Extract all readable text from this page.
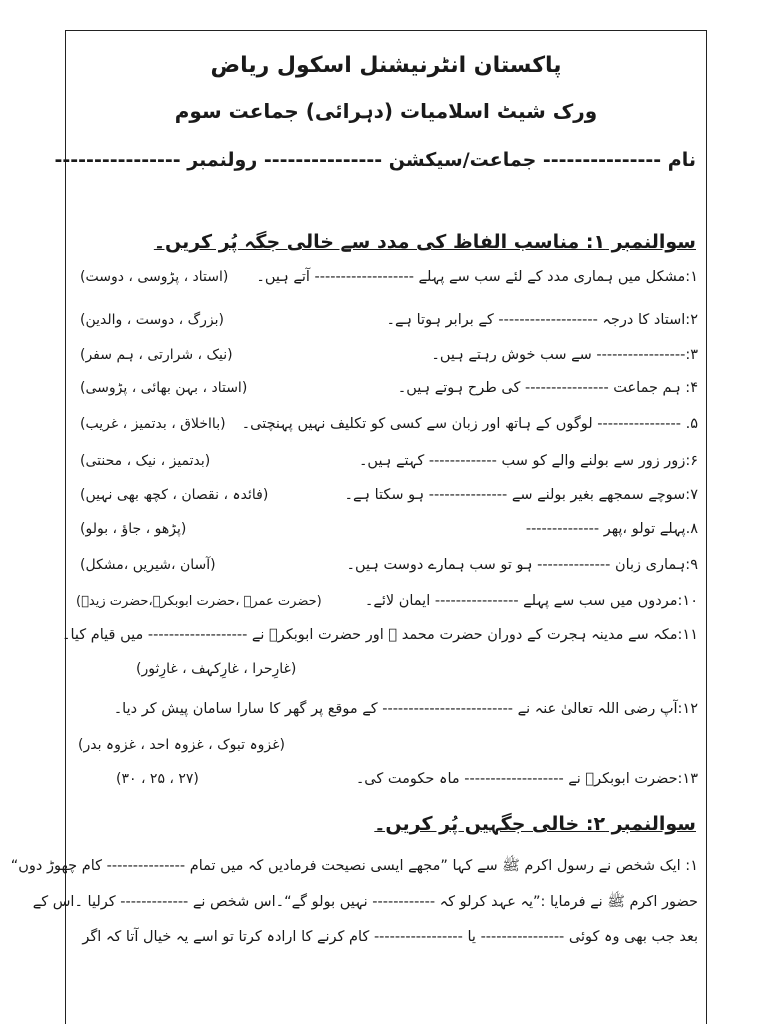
پاکستان انٹرنیشنل اسکول ریاض
ورک شیٹ اسلامیات (دہرائی) جماعت سوم
نام --------------- جماعت/سیکشن --------------- رولنمبر ----------------
سوالنمبر ۱: مناسب الفاظ کی مدد سے خالی جگہ پُر کریں۔
۱:مشکل میں ہماری مدد کے لئے سب سے پہلے ------------------- آتے ہیں۔
(استاد ، پڑوسی ، دوست)
۲:استاد کا درجہ ------------------- کے برابر ہوتا ہے۔
(بزرگ ، دوست ، والدین)
۳:----------------- سے سب خوش رہتے ہیں۔
(نیک ، شرارتی ، ہم سفر)
۴: ہم جماعت ---------------- کی طرح ہوتے ہیں۔
(استاد ، بہن بھائی ، پڑوسی)
۵. ---------------- لوگوں کے ہاتھ اور زبان سے کسی کو تکلیف نہیں پہنچتی۔
(بااخلاق ، بدتمیز ، غریب)
۶:زور زور سے بولنے والے کو سب ------------- کہتے ہیں۔
(بدتمیز ، نیک ، محنتی)
۷:سوچے سمجھے بغیر بولنے سے --------------- ہو سکتا ہے۔
(فائدہ ، نقصان ، کچھ بھی نہیں)
۸.پہلے تولو ،پھر --------------
(پڑھو ، جاؤ ، بولو)
۹:ہماری زبان -------------- ہو تو سب ہمارے دوست ہیں۔
(آسان ،شیریں ،مشکل)
۱۰:مردوں میں سب سے پہلے ---------------- ایمان لائے۔
(حضرت عمرؓ ،حضرت ابوبکرؓ،حضرت زیدؓ)
۱۱:مکہ سے مدینہ ہجرت کے دوران حضرت محمد ﷺ اور حضرت ابوبکرؓ نے ------------------- میں قیام کیا۔
(غارِحرا ، غارِکہف ، غارِثور)
۱۲:آپ رضی اللہ تعالیٰ عنہ نے ------------------------- کے موقع پر گھر کا سارا سامان پیش کر دیا۔
(غزوہ تبوک ، غزوہ احد ، غزوہ بدر)
۱۳:حضرت ابوبکرؓ نے ------------------- ماہ حکومت کی۔
(۳۰ ، ۲۵ ، ۲۷)
سوالنمبر ۲: خالی جگہیں پُر کریں۔
۱: ایک شخص نے رسول اکرم ﷺ سے کہا ”مجھے ایسی نصیحت فرمادیں کہ میں تمام --------------- کام چھوڑ دوں“
حضور اکرم ﷺ نے فرمایا :”یہ عہد کرلو کہ ------------ نہیں بولو گے“۔اس شخص نے ------------- کرلیا ۔اس کے
بعد جب بھی وہ کوئی ---------------- یا ----------------- کام کرنے کا ارادہ کرتا تو اسے یہ خیال آتا کہ اگر
